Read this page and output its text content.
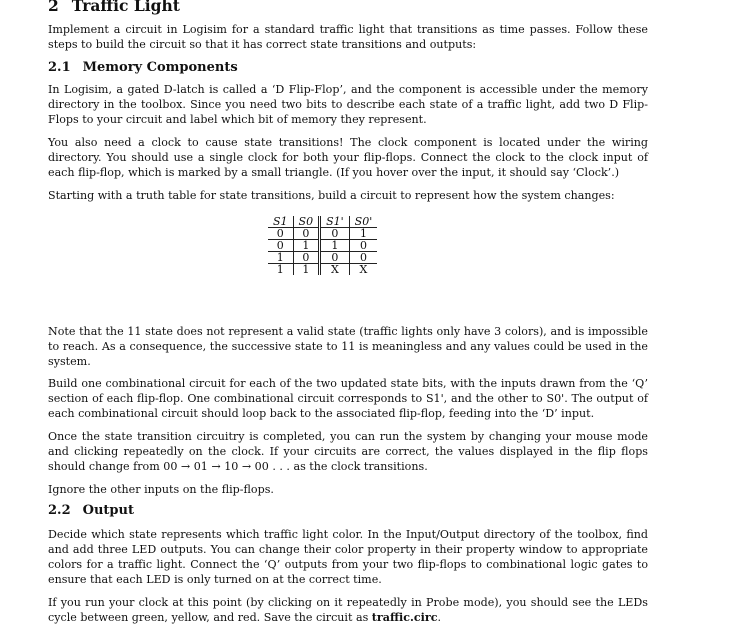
2 Traffic Light
Implement a circuit in Logisim for a standard traffic light that transitions as time passes. Follow these steps to build the circuit so that it has correct state transitions and outputs:
2.1 Memory Components
In Logisim, a gated D-latch is called a ‘D Flip-Flop’, and the component is accessible under the memory directory in the toolbox. Since you need two bits to describe each state of a traffic light, add two D Flip-Flops to your circuit and label which bit of memory they represent.
You also need a clock to cause state transitions! The clock component is located under the wiring directory. You should use a single clock for both your flip-flops. Connect the clock to the clock input of each flip-flop, which is marked by a small triangle. (If you hover over the input, it should say ‘Clock’.)
Starting with a truth table for state transitions, build a circuit to represent how the system changes:
S1	S0	S1'	S0'
0	0	0	1
0	1	1	0
1	0	0	0
1	1	X	X
Note that the 11 state does not represent a valid state (traffic lights only have 3 colors), and is impossible to reach. As a consequence, the successive state to 11 is meaningless and any values could be used in the system.
Build one combinational circuit for each of the two updated state bits, with the inputs drawn from the ‘Q’ section of each flip-flop. One combinational circuit corresponds to S1', and the other to S0'. The output of each combinational circuit should loop back to the associated flip-flop, feeding into the ‘D’ input.
Once the state transition circuitry is completed, you can run the system by changing your mouse mode and clicking repeatedly on the clock. If your circuits are correct, the values displayed in the flip flops should change from 00 → 01 → 10 → 00 . . . as the clock transitions.
Ignore the other inputs on the flip-flops.
2.2 Output
Decide which state represents which traffic light color. In the Input/Output directory of the toolbox, find and add three LED outputs. You can change their color property in their property window to appropriate colors for a traffic light. Connect the ‘Q’ outputs from your two flip-flops to combinational logic gates to ensure that each LED is only turned on at the correct time.
If you run your clock at this point (by clicking on it repeatedly in Probe mode), you should see the LEDs cycle between green, yellow, and red. Save the circuit as traffic.circ.
